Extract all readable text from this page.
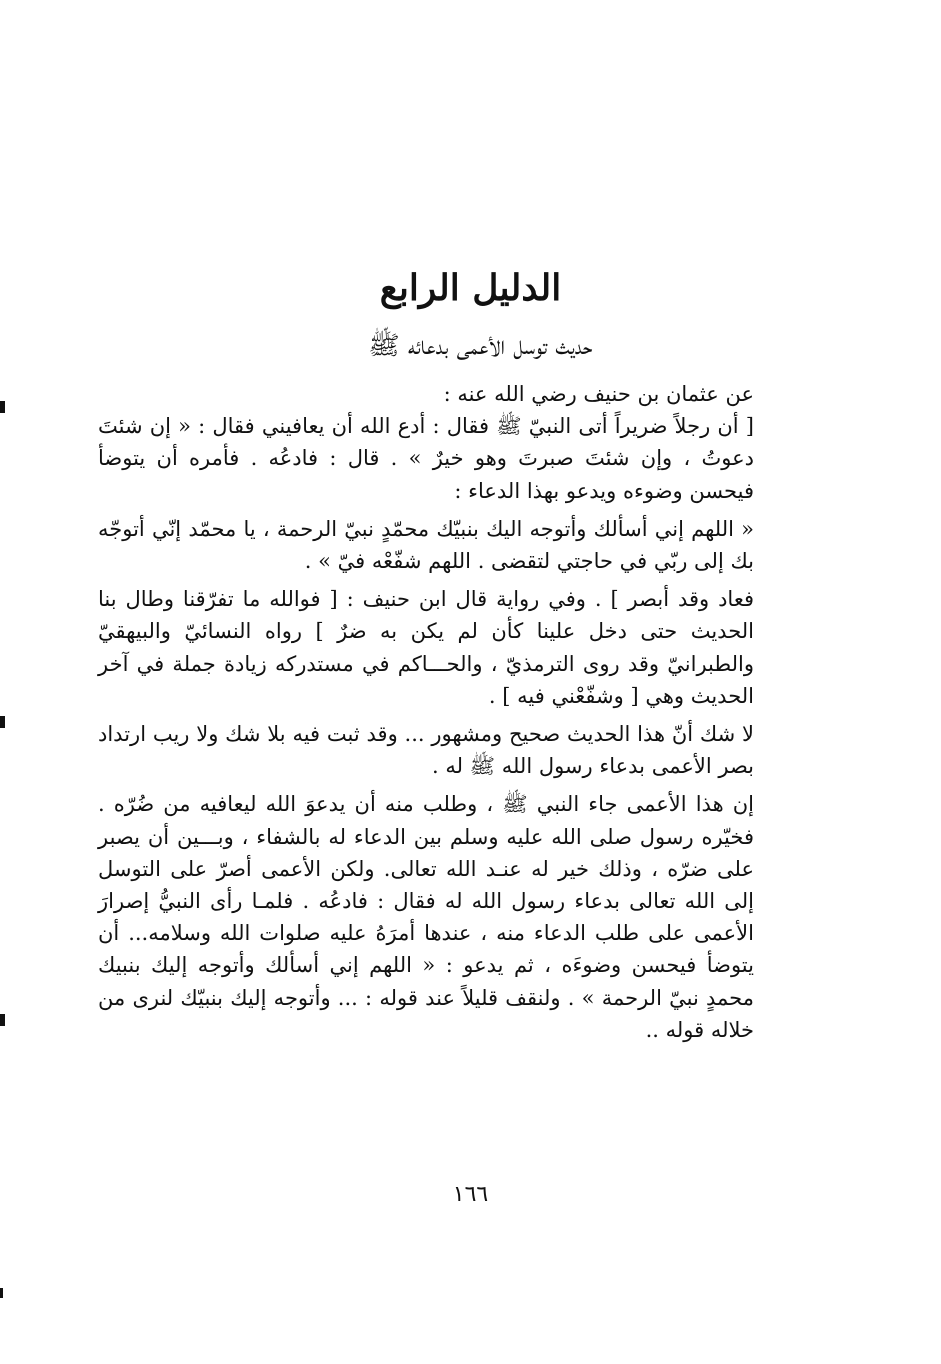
الدليل الرابع
حديث توسل الأعمى بدعائه ﷺ

عن عثمان بن حنيف رضي الله عنه :

[ أن رجلاً ضريراً أتى النبيّ ﷺ فقال : أدع الله أن يعافيني فقال : « إن شئتَ دعوتُ ، وإن شئتَ صبرتَ وهو خيرٌ » . قال : فادعُه . فأمره أن يتوضأ فيحسن وضوءه ويدعو بهذا الدعاء :

« اللهم إني أسألك وأتوجه اليك بنبيّك محمّدٍ نبيّ الرحمة ، يا محمّد إنّي أتوجّه بك إلى ربّي في حاجتي لتقضى . اللهم شفّعْه فيّ » .

فعاد وقد أبصر ] . وفي رواية قال ابن حنيف : [ فوالله ما تفرّقنا وطال بنا الحديث حتى دخل علينا كأن لم يكن به ضرٌ ] رواه النسائيّ والبيهقيّ والطبرانيّ وقد روى الترمذيّ ، والحـــاكم في مستدركه زيادة جملة في آخر الحديث وهي [ وشفّعْني فيه ] .

لا شك أنّ هذا الحديث صحيح ومشهور ... وقد ثبت فيه بلا شك ولا ريب ارتداد بصر الأعمى بدعاء رسول الله ﷺ له .

إن هذا الأعمى جاء النبي ﷺ ، وطلب منه أن يدعوَ الله ليعافيه من ضُرّه . فخيّره رسول صلى الله عليه وسلم بين الدعاء له بالشفاء ، وبـــين أن يصبر على ضرّه ، وذلك خير له عنـد الله تعالى. ولكن الأعمى أصرّ على التوسل إلى الله تعالى بدعاء رسول الله له فقال : فادعُه . فلمـا رأى النبيُّ إصرارَ الأعمى على طلب الدعاء منه ، عندها أمرَهُ عليه صلوات الله وسلامه... أن يتوضأ فيحسن وضوءَه ، ثم يدعو : « اللهم إني أسألك وأتوجه إليك بنبيك محمدٍ نبيّ الرحمة » . ولنقف قليلاً عند قوله : ... وأتوجه إليك بنبيّك لنرى من خلاله قوله ..

١٦٦
